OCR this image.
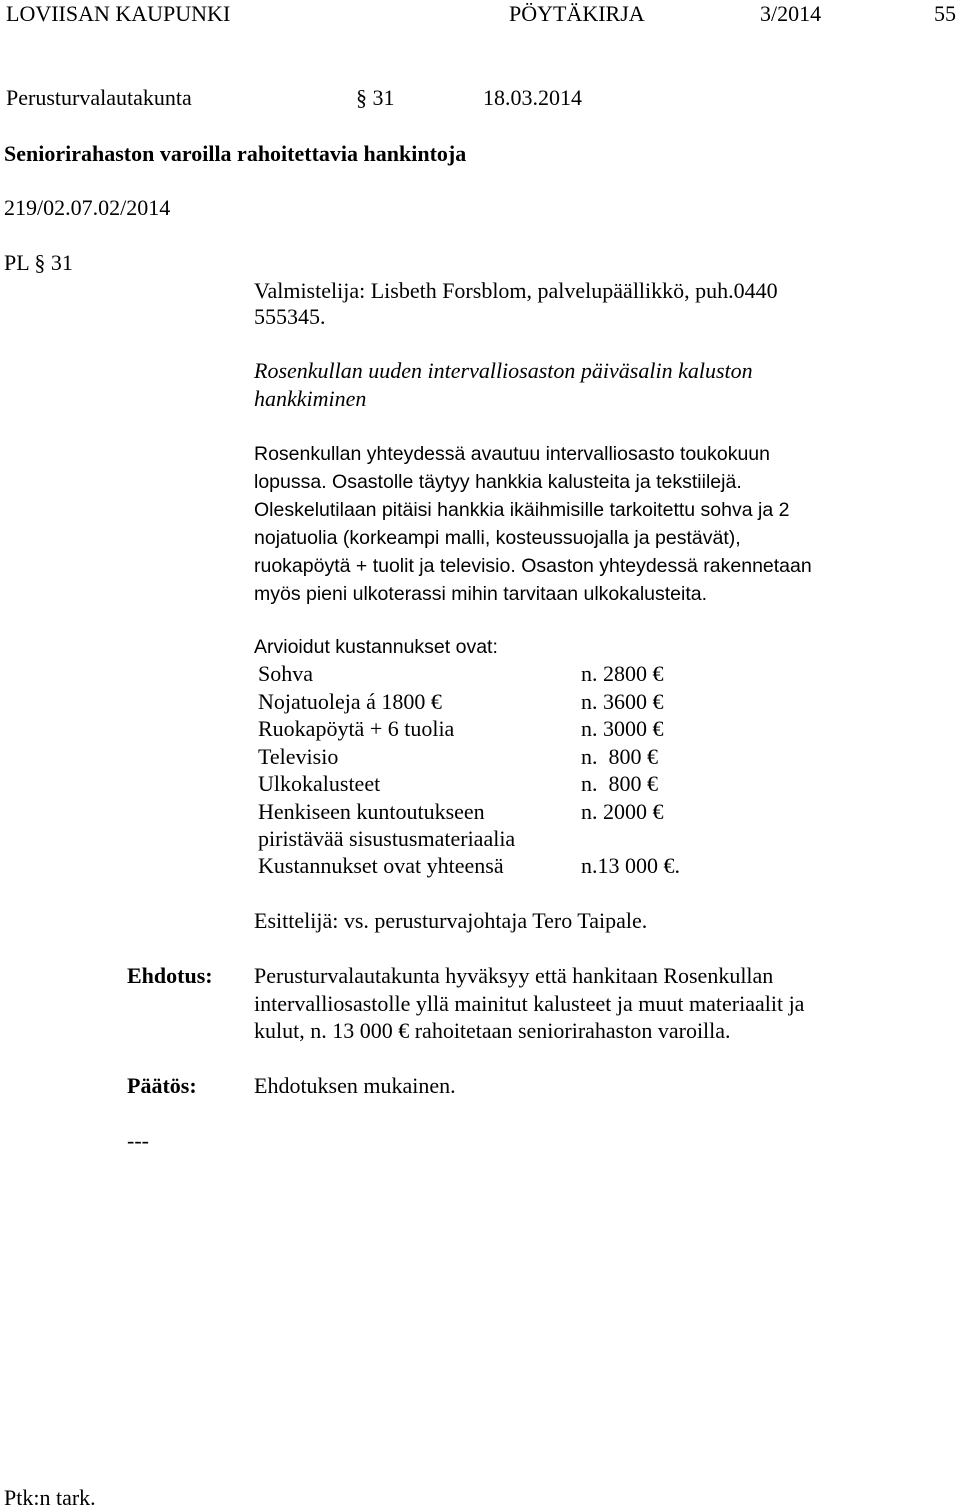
LOVIISAN KAUPUNKI	PÖYTÄKIRJA	3/2014	55
Perusturvalautakunta	§ 31	18.03.2014
Seniorirahaston varoilla rahoitettavia hankintoja
219/02.07.02/2014
PL § 31
Valmistelija: Lisbeth Forsblom, palvelupäällikkö, puh.0440
555345.
Rosenkullan uuden intervalliosaston päiväsalin kaluston
hankkiminen
Rosenkullan yhteydessä avautuu intervalliosasto toukokuun
lopussa. Osastolle täytyy hankkia kalusteita ja tekstiilejä.
Oleskelutilaan pitäisi hankkia ikäihmisille tarkoitettu sohva ja 2
nojatuolia (korkeampi malli, kosteussuojalla ja pestävät),
ruokapöytä + tuolit ja televisio. Osaston yhteydessä rakennetaan
myös pieni ulkoterassi mihin tarvitaan ulkokalusteita.
Arvioidut kustannukset ovat:
Sohva	n. 2800 €
Nojatuoleja á 1800 €	n. 3600 €
Ruokapöytä + 6 tuolia	n. 3000 €
Televisio	n.  800 €
Ulkokalusteet	n.  800 €
Henkiseen kuntoutukseen	n. 2000 €
piristävää sisustusmateriaalia
Kustannukset ovat yhteensä	n.13 000 €.
Esittelijä: vs. perusturvajohtaja Tero Taipale.
Ehdotus: Perusturvalautakunta hyväksyy että hankitaan Rosenkullan
intervalliosastolle yllä mainitut kalusteet ja muut materiaalit ja
kulut, n. 13 000 € rahoitetaan seniorirahaston varoilla.
Päätös:	Ehdotuksen mukainen.
---
Ptk:n tark.
